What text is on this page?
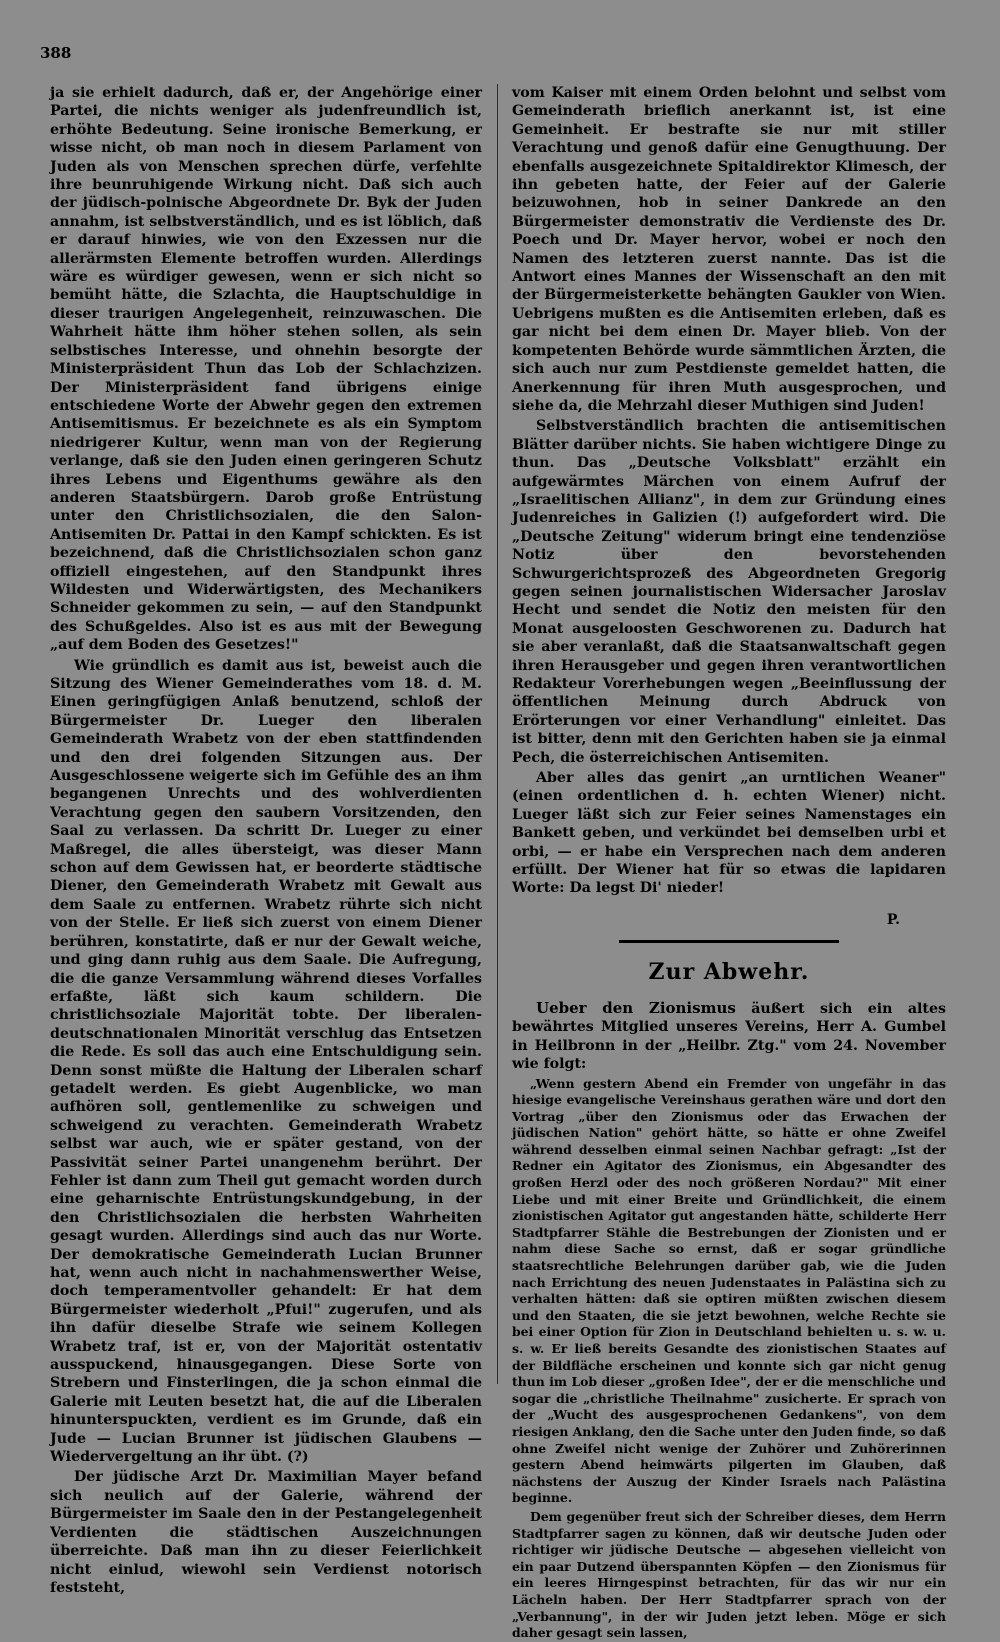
388

ja sie erhielt dadurch, daß er, der Angehörige einer Partei, die nichts weniger als judenfreundlich ist, erhöhte Bedeutung. Seine ironische Bemerkung, er wisse nicht, ob man noch in diesem Parlament von Juden als von Menschen sprechen dürfe, verfehlte ihre beunruhigende Wirkung nicht. Daß sich auch der jüdisch-polnische Abgeordnete Dr. Byk der Juden annahm, ist selbstverständlich, und es ist löblich, daß er darauf hinwies, wie von den Exzessen nur die allerärmsten Elemente betroffen wurden. Allerdings wäre es würdiger gewesen, wenn er sich nicht so bemüht hätte, die Szlachta, die Hauptschuldige in dieser traurigen Angelegenheit, reinzuwaschen. Die Wahrheit hätte ihm höher stehen sollen, als sein selbstisches Interesse, und ohnehin besorgte der Ministerpräsident Thun das Lob der Schlachzizen. Der Ministerpräsident fand übrigens einige entschiedene Worte der Abwehr gegen den extremen Antisemitismus. Er bezeichnete es als ein Symptom niedrigerer Kultur, wenn man von der Regierung verlange, daß sie den Juden einen geringeren Schutz ihres Lebens und Eigenthums gewähre als den anderen Staatsbürgern. Darob große Entrüstung unter den Christlichsozialen, die den Salon-Antisemiten Dr. Pattai in den Kampf schickten. Es ist bezeichnend, daß die Christlichsozialen schon ganz offiziell eingestehen, auf den Standpunkt ihres Wildesten und Widerwärtigsten, des Mechanikers Schneider gekommen zu sein, — auf den Standpunkt des Schußgeldes. Also ist es aus mit der Bewegung „auf dem Boden des Gesetzes!"

Wie gründlich es damit aus ist, beweist auch die Sitzung des Wiener Gemeinderathes vom 18. d. M. Einen geringfügigen Anlaß benutzend, schloß der Bürgermeister Dr. Lueger den liberalen Gemeinderath Wrabetz von der eben stattfindenden und den drei folgenden Sitzungen aus. Der Ausgeschlossene weigerte sich im Gefühle des an ihm begangenen Unrechts und des wohlverdienten Verachtung gegen den saubern Vorsitzenden, den Saal zu verlassen. Da schritt Dr. Lueger zu einer Maßregel, die alles übersteigt, was dieser Mann schon auf dem Gewissen hat, er beorderte städtische Diener, den Gemeinderath Wrabetz mit Gewalt aus dem Saale zu entfernen. Wrabetz rührte sich nicht von der Stelle. Er ließ sich zuerst von einem Diener berühren, konstatirte, daß er nur der Gewalt weiche, und ging dann ruhig aus dem Saale. Die Aufregung, die die ganze Versammlung während dieses Vorfalles erfaßte, läßt sich kaum schildern. Die christlichsoziale Majorität tobte. Der liberalen-deutschnationalen Minorität verschlug das Entsetzen die Rede. Es soll das auch eine Entschuldigung sein. Denn sonst müßte die Haltung der Liberalen scharf getadelt werden. Es giebt Augenblicke, wo man aufhören soll, gentlemenlike zu schweigen und schweigend zu verachten. Gemeinderath Wrabetz selbst war auch, wie er später gestand, von der Passivität seiner Partei unangenehm berührt. Der Fehler ist dann zum Theil gut gemacht worden durch eine geharnischte Entrüstungskundgebung, in der den Christlichsozialen die herbsten Wahrheiten gesagt wurden. Allerdings sind auch das nur Worte. Der demokratische Gemeinderath Lucian Brunner hat, wenn auch nicht in nachahmenswerther Weise, doch temperamentvoller gehandelt: Er hat dem Bürgermeister wiederholt „Pfui!" zugerufen, und als ihn dafür dieselbe Strafe wie seinem Kollegen Wrabetz traf, ist er, von der Majorität ostentativ ausspuckend, hinausgegangen. Diese Sorte von Strebern und Finsterlingen, die ja schon einmal die Galerie mit Leuten besetzt hat, die auf die Liberalen hinunterspuckten, verdient es im Grunde, daß ein Jude — Lucian Brunner ist jüdischen Glaubens — Wiedervergeltung an ihr übt. (?)

Der jüdische Arzt Dr. Maximilian Mayer befand sich neulich auf der Galerie, während der Bürgermeister im Saale den in der Pestangelegenheit Verdienten die städtischen Auszeichnungen überreichte. Daß man ihn zu dieser Feierlichkeit nicht einlud, wiewohl sein Verdienst notorisch feststeht,

vom Kaiser mit einem Orden belohnt und selbst vom Gemeinderath brieflich anerkannt ist, ist eine Gemeinheit. Er bestrafte sie nur mit stiller Verachtung und genoß dafür eine Genugthuung. Der ebenfalls ausgezeichnete Spitaldirektor Klimesch, der ihn gebeten hatte, der Feier auf der Galerie beizuwohnen, hob in seiner Dankrede an den Bürgermeister demonstrativ die Verdienste des Dr. Poech und Dr. Mayer hervor, wobei er noch den Namen des letzteren zuerst nannte. Das ist die Antwort eines Mannes der Wissenschaft an den mit der Bürgermeisterkette behängten Gaukler von Wien. Uebrigens mußten es die Antisemiten erleben, daß es gar nicht bei dem einen Dr. Mayer blieb. Von der kompetenten Behörde wurde sämmtlichen Ärzten, die sich auch nur zum Pestdienste gemeldet hatten, die Anerkennung für ihren Muth ausgesprochen, und siehe da, die Mehrzahl dieser Muthigen sind Juden!

Selbstverständlich brachten die antisemitischen Blätter darüber nichts. Sie haben wichtigere Dinge zu thun. Das „Deutsche Volksblatt" erzählt ein aufgewärmtes Märchen von einem Aufruf der „Israelitischen Allianz", in dem zur Gründung eines Judenreiches in Galizien (!) aufgefordert wird. Die „Deutsche Zeitung" widerum bringt eine tendenziöse Notiz über den bevorstehenden Schwurgerichtsprozeß des Abgeordneten Gregorig gegen seinen journalistischen Widersacher Jaroslav Hecht und sendet die Notiz den meisten für den Monat ausgeloosten Geschworenen zu. Dadurch hat sie aber veranlaßt, daß die Staatsanwaltschaft gegen ihren Herausgeber und gegen ihren verantwortlichen Redakteur Vorerhebungen wegen „Beeinflussung der öffentlichen Meinung durch Abdruck von Erörterungen vor einer Verhandlung" einleitet. Das ist bitter, denn mit den Gerichten haben sie ja einmal Pech, die österreichischen Antisemiten.

Aber alles das genirt „an urntlichen Weaner" (einen ordentlichen d. h. echten Wiener) nicht. Lueger läßt sich zur Feier seines Namenstages ein Bankett geben, und verkündet bei demselben urbi et orbi, — er habe ein Versprechen nach dem anderen erfüllt. Der Wiener hat für so etwas die lapidaren Worte: Da legst Di' nieder!

P.
Zur Abwehr.

Ueber den Zionismus äußert sich ein altes bewährtes Mitglied unseres Vereins, Herr A. Gumbel in Heilbronn in der „Heilbr. Ztg." vom 24. November wie folgt:

„Wenn gestern Abend ein Fremder von ungefähr in das hiesige evangelische Vereinshaus gerathen wäre und dort den Vortrag „über den Zionismus oder das Erwachen der jüdischen Nation" gehört hätte, so hätte er ohne Zweifel während desselben einmal seinen Nachbar gefragt: „Ist der Redner ein Agitator des Zionismus, ein Abgesandter des großen Herzl oder des noch größeren Nordau?" Mit einer Liebe und mit einer Breite und Gründlichkeit, die einem zionistischen Agitator gut angestanden hätte, schilderte Herr Stadtpfarrer Stähle die Bestrebungen der Zionisten und er nahm diese Sache so ernst, daß er sogar gründliche staatsrechtliche Belehrungen darüber gab, wie die Juden nach Errichtung des neuen Judenstaates in Palästina sich zu verhalten hätten: daß sie optiren müßten zwischen diesem und den Staaten, die sie jetzt bewohnen, welche Rechte sie bei einer Option für Zion in Deutschland behielten u. s. w. u. s. w. Er ließ bereits Gesandte des zionistischen Staates auf der Bildfläche erscheinen und konnte sich gar nicht genug thun im Lob dieser „großen Idee", der er die menschliche und sogar die „christliche Theilnahme" zusicherte. Er sprach von der „Wucht des ausgesprochenen Gedankens", von dem riesigen Anklang, den die Sache unter den Juden finde, so daß ohne Zweifel nicht wenige der Zuhörer und Zuhörerinnen gestern Abend heimwärts pilgerten im Glauben, daß nächstens der Auszug der Kinder Israels nach Palästina beginne.

Dem gegenüber freut sich der Schreiber dieses, dem Herrn Stadtpfarrer sagen zu können, daß wir deutsche Juden oder richtiger wir jüdische Deutsche — abgesehen vielleicht von ein paar Dutzend überspannten Köpfen — den Zionismus für ein leeres Hirngespinst betrachten, für das wir nur ein Lächeln haben. Der Herr Stadtpfarrer sprach von der „Verbannung", in der wir Juden jetzt leben. Möge er sich daher gesagt sein lassen,
